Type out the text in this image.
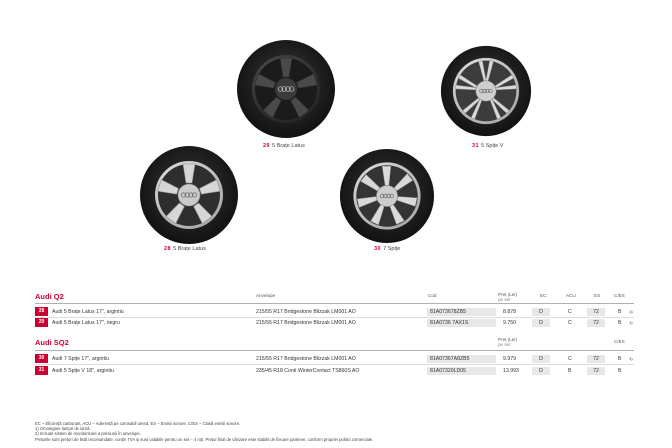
29 5 Brațe Latus	31 5 Spițe V
28 5 Brațe Latus	30 7 Spițe
Audi Q2	Anvelope	Cod	Preț (Lei)
pe set
EC	ACU	ES	C/ES
28	Audi 5 Brațe Latus 17", argintiu	215/55 R17 Bridgestone Blizzak LM001 AO	81A073678ZB5	8.878	D	C	72	B 1)
29	Audi 5 Brațe Latus 17", negru	215/55 R17 Bridgestone Blizzak LM001 AO	81A0736 7AX1S	9.750	D	C	72	B 1)
Audi SQ2	Preț (Lei)
pe set
C/ES
30	Audi 7 Spițe 17", argintiu	215/55 R17 Bridgestone Blizzak LM001 AO	81A07367A8ZB5	9.979	D	C	72	B 1)
31	Audi 5 Spițe V 18", argintiu	235/45 R18 Conti WinterContact TS860S AO	81A07320LD05	13.993	D	B	72	B
EC – Eficiență carburant, ACU – Aderență pe carosabil umed, ES – Emisii sonore, C/ES – Clasă emisii sonore.
1) Omologare lanțuri de iarnă.
2) Include sistem de monitorizare a presiunii în anvelope.
Prețurile sunt prețuri de listă recomandate, conțin TVA și sunt valabile pentru un set – 4 roți. Prețul final de vânzare este stabilit de fiecare partener, conform propriei politici comerciale.
